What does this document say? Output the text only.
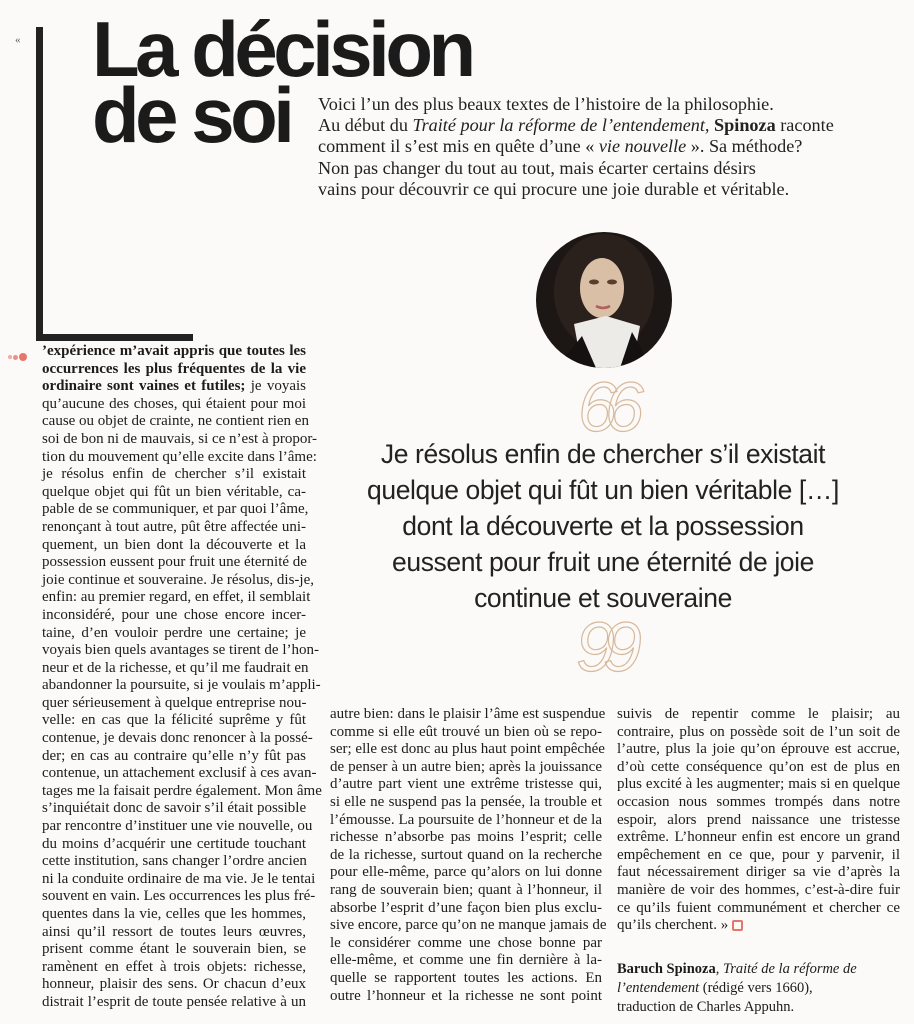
« La décision
de soi	Voici l’un des plus beaux textes de l’histoire de la philosophie.
Au début du Traité pour la réforme de l’entendement, Spinoza raconte
comment il s’est mis en quête d’une « vie nouvelle ». Sa méthode?
Non pas changer du tout au tout, mais écarter certains désirs
vains pour découvrir ce qui procure une joie durable et véritable.
66
Je résolus enfin de chercher s’il existait
quelque objet qui fût un bien véritable […]
dont la découverte et la possession
eussent pour fruit une éternité de joie
continue et souveraine
99
’expérience m’avait appris que toutes les
occurrences les plus fréquentes de la vie
ordinaire sont vaines et futiles; je voyais
qu’aucune des choses, qui étaient pour moi
cause ou objet de crainte, ne contient rien en
soi de bon ni de mauvais, si ce n’est à propor-
tion du mouvement qu’elle excite dans l’âme:
je résolus enfin de chercher s’il existait
quelque objet qui fût un bien véritable, ca-
pable de se communiquer, et par quoi l’âme,
renonçant à tout autre, pût être affectée uni-
quement, un bien dont la découverte et la
possession eussent pour fruit une éternité de
joie continue et souveraine. Je résolus, dis-je,
enfin: au premier regard, en effet, il semblait
inconsidéré, pour une chose encore incer-
taine, d’en vouloir perdre une certaine; je
voyais bien quels avantages se tirent de l’hon-
neur et de la richesse, et qu’il me faudrait en
abandonner la poursuite, si je voulais m’appli-
quer sérieusement à quelque entreprise nou-
velle: en cas que la félicité suprême y fût
contenue, je devais donc renoncer à la possé-
der; en cas au contraire qu’elle n’y fût pas
contenue, un attachement exclusif à ces avan-
tages me la faisait perdre également. Mon âme
s’inquiétait donc de savoir s’il était possible
par rencontre d’instituer une vie nouvelle, ou
du moins d’acquérir une certitude touchant
cette institution, sans changer l’ordre ancien
ni la conduite ordinaire de ma vie. Je le tentai
souvent en vain. Les occurrences les plus fré-
quentes dans la vie, celles que les hommes,
ainsi qu’il ressort de toutes leurs œuvres,
prisent comme étant le souverain bien, se
ramènent en effet à trois objets: richesse,
honneur, plaisir des sens. Or chacun d’eux
distrait l’esprit de toute pensée relative à un
autre bien: dans le plaisir l’âme est suspendue
comme si elle eût trouvé un bien où se repo-
ser; elle est donc au plus haut point empêchée
de penser à un autre bien; après la jouissance
d’autre part vient une extrême tristesse qui,
si elle ne suspend pas la pensée, la trouble et
l’émousse. La poursuite de l’honneur et de la
richesse n’absorbe pas moins l’esprit; celle
de la richesse, surtout quand on la recherche
pour elle-même, parce qu’alors on lui donne
rang de souverain bien; quant à l’honneur, il
absorbe l’esprit d’une façon bien plus exclu-
sive encore, parce qu’on ne manque jamais de
le considérer comme une chose bonne par
elle-même, et comme une fin dernière à la-
quelle se rapportent toutes les actions. En
outre l’honneur et la richesse ne sont point
suivis de repentir comme le plaisir; au
contraire, plus on possède soit de l’un soit de
l’autre, plus la joie qu’on éprouve est accrue,
d’où cette conséquence qu’on est de plus en
plus excité à les augmenter; mais si en quelque
occasion nous sommes trompés dans notre
espoir, alors prend naissance une tristesse
extrême. L’honneur enfin est encore un grand
empêchement en ce que, pour y parvenir, il
faut nécessairement diriger sa vie d’après la
manière de voir des hommes, c’est-à-dire fuir
ce qu’ils fuient communément et chercher ce
qu’ils cherchent. »
Baruch Spinoza, Traité de la réforme de l’entendement (rédigé vers 1660),
traduction de Charles Appuhn.
